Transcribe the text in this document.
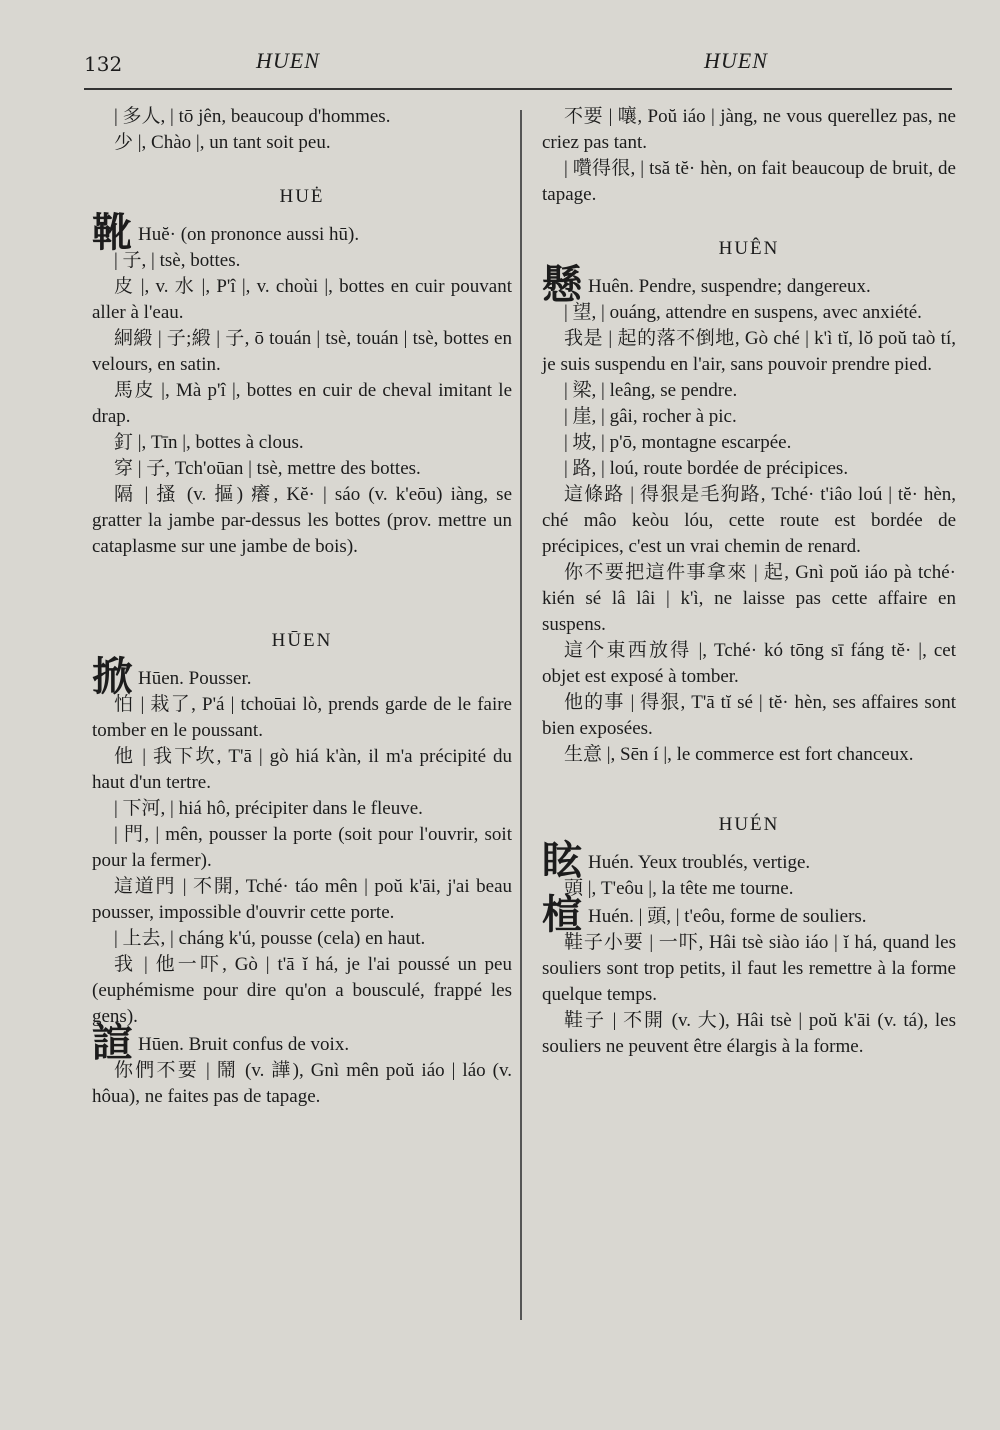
132	HUEN	HUEN

| 多人, | tō jên, beaucoup d'hommes.

少 |, Chào |, un tant soit peu.

HUĖ

靴 Huĕ· (on prononce aussi hū).

| 子, | tsè, bottes.

皮 |, v. 水 |, P'î |, v. choùi |, bottes en cuir pouvant aller à l'eau.

絅緞 | 子;緞 | 子, ō touán | tsè, touán | tsè, bottes en velours, en satin.

馬皮 |, Mà p'î |, bottes en cuir de cheval imitant le drap.

釘 |, Tīn |, bottes à clous.

穿 | 子, Tch'oūan | tsè, mettre des bottes.

隔 | 搔 (v. 摳) 癢, Kĕ· | sáo (v. k'eōu) iàng, se gratter la jambe par-dessus les bottes (prov. mettre un cataplasme sur une jambe de bois).

HŪEN

掀 Hūen. Pousser.

怕 | 栽了, P'á | tchoūai lò, prends garde de le faire tomber en le poussant.

他 | 我下坎, T'ā | gò hiá k'àn, il m'a précipité du haut d'un tertre.

| 下河, | hiá hô, précipiter dans le fleuve.

| 門, | mên, pousser la porte (soit pour l'ouvrir, soit pour la fermer).

這道門 | 不開, Tché· táo mên | poŭ k'āi, j'ai beau pousser, impossible d'ouvrir cette porte.

| 上去, | cháng k'ú, pousse (cela) en haut.

我 | 他一吓, Gò | t'ā ĭ há, je l'ai poussé un peu (euphémisme pour dire qu'on a bousculé, frappé les gens).

諠 Hūen. Bruit confus de voix.

你們不要 | 鬧 (v. 譁), Gnì mên poŭ iáo | láo (v. hôua), ne faites pas de tapage.

不要 | 嚷, Poŭ iáo | jàng, ne vous querellez pas, ne criez pas tant.

| 囋得很, | tsă tĕ· hèn, on fait beaucoup de bruit, de tapage.

HUÊN

懸 Huên. Pendre, suspendre; dangereux.

| 望, | ouáng, attendre en suspens, avec anxiété.

我是 | 起的落不倒地, Gò ché | k'ì tĭ, lŏ poŭ taò tí, je suis suspendu en l'air, sans pouvoir prendre pied.

| 梁, | leâng, se pendre.

| 崖, | gâi, rocher à pic.

| 坡, | p'ō, montagne escarpée.

| 路, | loú, route bordée de précipices.

這條路 | 得狠是毛狗路, Tché· t'iâo loú | tĕ· hèn, ché mâo keòu lóu, cette route est bordée de précipices, c'est un vrai chemin de renard.

你不要把這件事拿來 | 起, Gnì poŭ iáo pà tché· kién sé lâ lâi | k'ì, ne laisse pas cette affaire en suspens.

這个東西放得 |, Tché· kó tōng sī fáng tĕ· |, cet objet est exposé à tomber.

他的事 | 得狠, T'ā tĭ sé | tĕ· hèn, ses affaires sont bien exposées.

生意 |, Sēn í |, le commerce est fort chanceux.

HUÉN

眩 Huén. Yeux troublés, vertige.

頭 |, T'eôu |, la tête me tourne.

楦 Huén. | 頭, | t'eôu, forme de souliers.

鞋子小要 | 一吓, Hâi tsè siào iáo | ĭ há, quand les souliers sont trop petits, il faut les remettre à la forme quelque temps.

鞋子 | 不開 (v. 大), Hâi tsè | poŭ k'āi (v. tá), les souliers ne peuvent être élargis à la forme.
